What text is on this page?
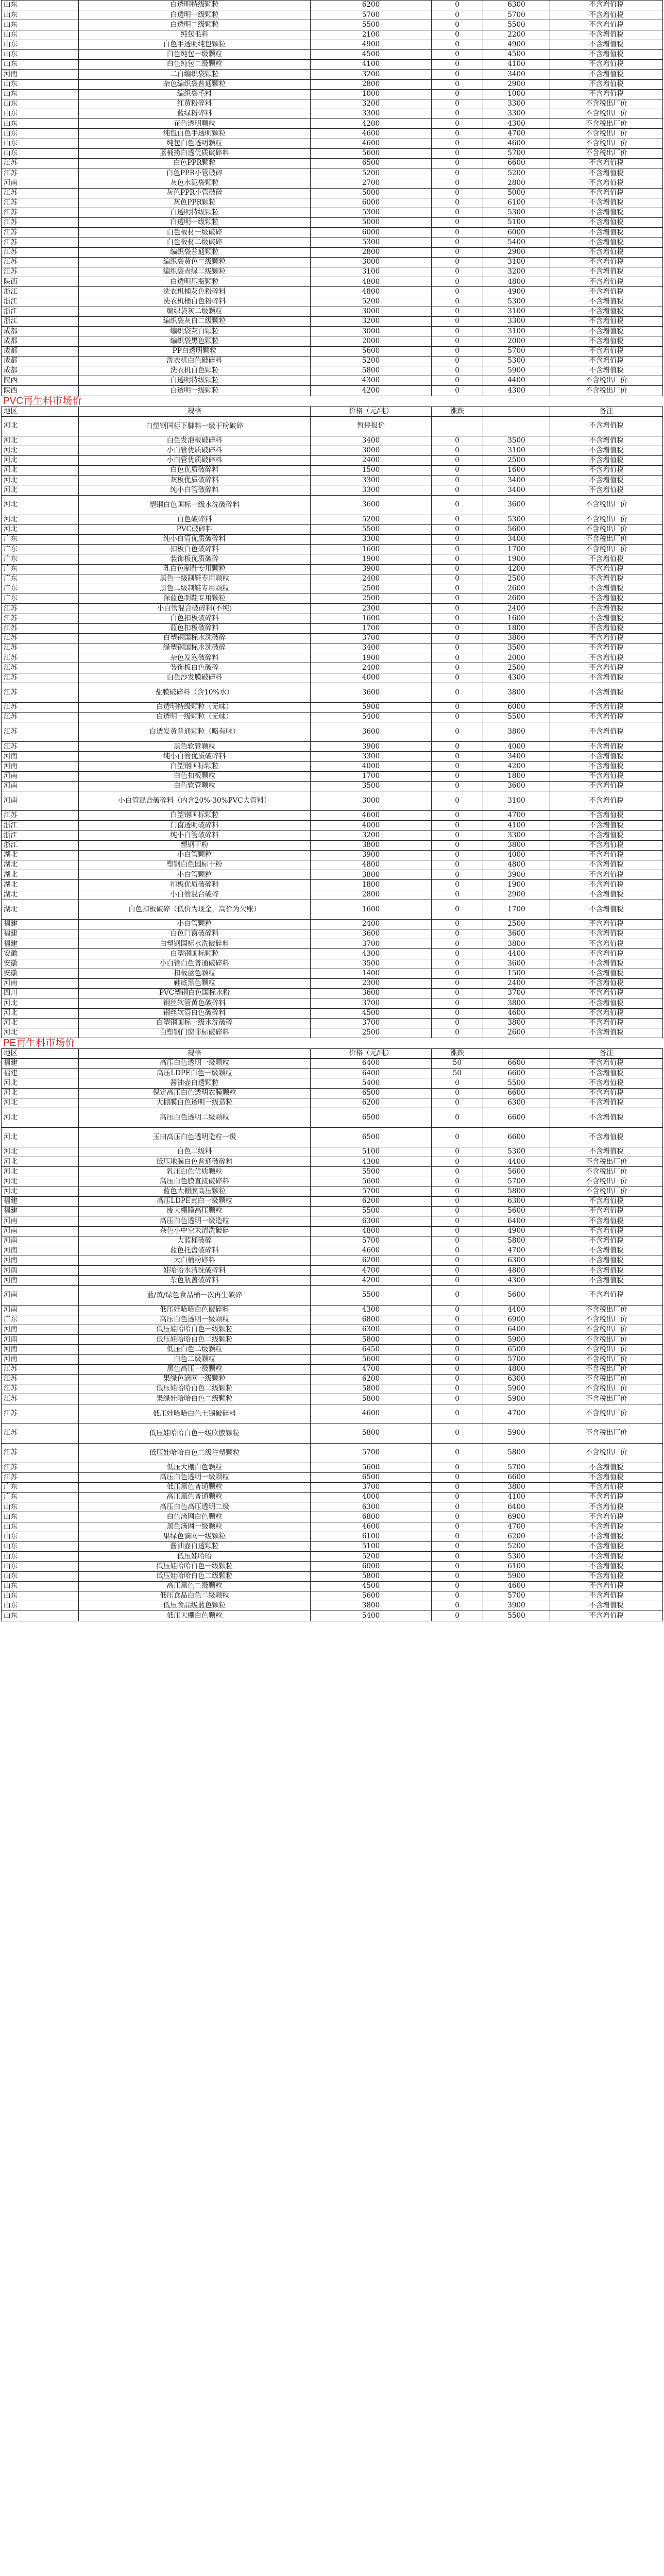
山东	白透明特级颗粒	6200	0	6300	不含增值税
山东	白透明一级颗粒	5700	0	5700	不含增值税
山东	白透明二级颗粒	5500	0	5500	不含增值税
山东	纯包毛料	2100	0	2200	不含增值税
山东	白色手透明纯包颗粒	4900	0	4900	不含增值税
山东	白色纯包一级颗粒	4500	0	4500	不含增值税
山东	白色纯包二级颗粒	4100	0	4100	不含增值税
河南	二白编织袋颗粒	3200	0	3400	不含增值税
山东	杂色编织袋普通颗粒	2800	0	2900	不含增值税
山东	编织袋毛料	1000	0	1000	不含增值税
山东	红黄粉碎料	3200	0	3300	不含税出厂价
山东	蓝绿粉碎料	3300	0	3300	不含税出厂价
山东	花色透明颗粒	4200	0	4300	不含税出厂价
山东	纯包白色手透明颗粒	4600	0	4700	不含税出厂价
山东	纯包白色透明颗粒	4600	0	4600	不含税出厂价
山东	蓝桶捞白透优质破碎料	5600	0	5700	不含税出厂价
江苏	白色PPR颗粒	6500	0	6600	不含增值税
江苏	白色PPR小管破碎	5200	0	5200	不含增值税
河南	灰色水泥袋颗粒	2700	0	2800	不含增值税
江苏	灰色PPR小管破碎	5000	0	5000	不含增值税
江苏	灰色PPR颗粒	6000	0	6100	不含增值税
江苏	白透明特级颗粒	5300	0	5300	不含增值税
江苏	白透明一级颗粒	5000	0	5100	不含增值税
江苏	白色板材一级破碎	6000	0	6000	不含增值税
江苏	白色板材二级破碎	5300	0	5400	不含增值税
江苏	编织袋普通颗粒	2800	0	2900	不含增值税
江苏	编织袋黄色二级颗粒	3000	0	3100	不含增值税
江苏	编织袋青绿二级颗粒	3100	0	3200	不含增值税
陕西	白透明压瓶颗粒	4800	0	4800	不含增值税
浙江	洗衣机桶灰色粉碎料	4800	0	4900	不含增值税
浙江	洗衣机桶白色粉碎料	5200	0	5300	不含增值税
浙江	编织袋灰二级颗粒	3000	0	3100	不含增值税
浙江	编织袋灰白二级颗粒	3200	0	3300	不含增值税
成都	编织袋灰白颗粒	3000	0	3100	不含增值税
成都	编织袋黑色颗粒	2000	0	2000	不含增值税
成都	PP白透明颗粒	5600	0	5700	不含增值税
成都	洗衣机白色破碎料	5200	0	5300	不含增值税
成都	洗衣机白色颗粒	5800	0	5900	不含增值税
陕西	白透明特级颗粒	4300	0	4400	不含税出厂价
陕西	白透明一级颗粒	4200	0	4300	不含税出厂价
PVC再生料市场价
地区	规格	价格（元/吨）	涨跌		备注
河北	白塑钢国标下脚料一级干粉破碎	暂停报价			不含增值税
河北	白色发泡板破碎料	3400	0	3500	不含增值税
河北	小白管优质破碎料	3000	0	3100	不含增值税
河北	小白管优质破碎料	2400	0	2500	不含增值税
河北	白色优质破碎料	1500	0	1600	不含增值税
河北	灰板优质破碎料	3300	0	3400	不含增值税
河北	纯小白管破碎料	3300	0	3400	不含增值税
河北	塑钢白色国标一级水洗破碎料	3600	0	3600	不含税出厂价
河北	白色破碎料	5200	0	5300	不含税出厂价
河北	PVC破碎料	5500	0	5600	不含税出厂价
广东	纯小白管优质破碎料	3300	0	3400	不含税出厂价
广东	扣板白色破碎料	1600	0	1700	不含税出厂价
广东	装饰板优质破碎	1900	0	1900	不含增值税
广东	乳白色制鞋专用颗粒	3900	0	4200	不含增值税
广东	黑色一级制鞋专用颗粒	2400	0	2500	不含增值税
广东	黑色二级制鞋专用颗粒	2500	0	2600	不含增值税
广东	深蓝色制鞋专用颗粒	2500	0	2600	不含增值税
江苏	小白管混合破碎料(不纯)	2300	0	2400	不含增值税
江苏	白色扣板破碎料	1600	0	1600	不含增值税
江苏	蓝色扣板破碎料	1700	0	1800	不含增值税
江苏	白塑钢国标水洗破碎	3700	0	3800	不含增值税
江苏	绿塑钢国标水洗破碎	3400	0	3500	不含增值税
江苏	杂色发泡破碎料	1900	0	2000	不含增值税
江苏	装饰板白色破碎	2400	0	2500	不含增值税
江苏	白色沙发膜破碎料	4000	0	4300	不含增值税
江苏	盐膜破碎料（含10%水）	3600	0	3800	不含增值税
江苏	白透明特级颗粒（无味）	5900	0	6000	不含增值税
江苏	白透明一级颗粒（无味）	5400	0	5500	不含增值税
江苏	白透发黄普通颗粒（略有味）	3600	0	3800	不含增值税
江苏	黑色软管颗粒	3900	0	4000	不含增值税
河南	纯小白管优质破碎料	3300	0	3400	不含增值税
河南	白塑钢国标颗粒	4000	0	4200	不含增值税
河南	白色扣板颗粒	1700	0	1800	不含增值税
河南	白色软管颗粒	3500	0	3600	不含增值税
河南	小白管混合破碎料（内含20%-30%PVC大管料）	3000	0	3100	不含增值税
江苏	白塑钢国标颗粒	4600	0	4700	不含增值税
浙江	门窗透明破碎料	4000	0	4100	不含增值税
浙江	纯小白管破碎料	3200	0	3300	不含增值税
浙江	塑钢干粉	3800	0	3800	不含增值税
湖北	小白管颗粒	3900	0	4000	不含增值税
湖北	塑钢白色国标干粉	4800	0	4800	不含增值税
湖北	小白管颗粒	3800	0	3900	不含增值税
湖北	扣板优质破碎料	1800	0	1900	不含增值税
湖北	小白管混合破碎	2800	0	2900	不含增值税
湖北	白色扣板破碎（低价为现金，高价为欠账）	1600	0	1700	不含增值税
福建	小白管颗粒	2400	0	2500	不含增值税
福建	白色门窗破碎料	3600	0	3600	不含增值税
福建	白塑钢国标水洗破碎料	3700	0	3800	不含增值税
安徽	白塑钢国标颗粒	4300	0	4400	不含增值税
安徽	小白管白色普通破碎料	3500	0	3600	不含增值税
安徽	扣板蓝色颗粒	1400	0	1500	不含增值税
河南	鞋底黑色颗粒	2300	0	2400	不含增值税
四川	PVC塑钢白色国标水粉	3600	0	3700	不含增值税
河北	钢丝软管黄色破碎料	3700	0	3800	不含增值税
河北	钢丝软管白色破碎料	4500	0	4600	不含增值税
河北	白塑钢国标一级水洗破碎	3700	0	3800	不含增值税
河北	白塑钢门窗非标破碎料	2500	0	2600	不含增值税
PE再生料市场价
地区	规格	价格（元/吨）	涨跌		备注
福建	高压白色透明一级颗粒	6400	50	6600	不含增值税
福建	高压LDPE白色一级颗粒	6400	50	6600	不含增值税
河北	酱油壶白透颗粒	5400	0	5500	不含增值税
河北	保定高压白色透明农膜颗粒	6500	0	6600	不含增值税
河北	大棚膜白色透明一级造粒	6200	0	6300	不含增值税
河北	高压白色透明二级颗粒	6500	0	6600	不含增值税
河北	玉田高压白色透明造粒一级	6500	0	6600	不含增值税
河北	白色二级料	5100	0	5300	不含增值税
河北	低压地膜白色普通破碎料	4300	0	4400	不含税出厂价
河北	乳压白色优质颗粒	5500	0	5600	不含税出厂价
河北	高压白色膜直接破碎料	5600	0	5700	不含税出厂价
河北	蓝色大棚膜高压颗粒	5700	0	5800	不含税出厂价
福建	高压LDPE黄白一级颗粒	6200	0	6300	不含增值税
福建	废大棚膜高压颗粒	5500	0	5600	不含增值税
河南	高压白色透明一级造粒	6300	0	6400	不含增值税
河南	杂色小中空未清洗破碎	4800	0	4900	不含增值税
河南	大蓝桶破碎	5700	0	5800	不含增值税
河南	蓝色托盘破碎料	4600	0	4700	不含增值税
河南	大白桶粉碎料	6200	0	6300	不含增值税
河南	娃哈哈水清洗破碎料	4700	0	4800	不含增值税
河南	杂色瓶盖破碎料	4200	0	4300	不含增值税
河南	蓝/黄/绿色食品桶一次再生破碎	5500	0	5600	不含增值税
河南	低压娃哈哈白色破碎料	4300	0	4400	不含税出厂价
广东	高压白色透明一级颗粒	6800	0	6900	不含税出厂价
河南	低压娃哈哈白色一级颗粒	6300	0	6400	不含税出厂价
河南	低压娃哈哈白色二级颗粒	5800	0	5900	不含税出厂价
河南	低压白色二级颗粒	6450	0	6500	不含税出厂价
河南	白色二级颗粒	5600	0	5700	不含税出厂价
江苏	黑色高压一级颗粒	4700	0	4800	不含税出厂价
江苏	果绿色滴网一级颗粒	6200	0	6300	不含税出厂价
江苏	低压娃哈哈白色二级颗粒	5800	0	5900	不含税出厂价
江苏	果绿娃哈哈白色二级颗粒	5800	0	5900	不含税出厂价
江苏	低压娃哈哈白色土锡破碎料	4600	0	4700	不含税出厂价
江苏	低压娃哈哈白色一级吹膜颗粒	5800	0	5900	不含税出厂价
江苏	低压娃哈哈白色二级注塑颗粒	5700	0	5800	不含税出厂价
江苏	低压大棚白色颗粒	5600	0	5700	不含增值税
江苏	高压白色透明一级颗粒	6500	0	6600	不含增值税
广东	低压黑色普通颗粒	3700	0	3800	不含增值税
广东	高压黑色普通颗粒	4000	0	4100	不含增值税
山东	高压白色高压透明二级	6300	0	6400	不含增值税
山东	白色滴网白色颗粒	6800	0	6900	不含增值税
山东	黑色滴网一级颗粒	4600	0	4700	不含增值税
山东	果绿色滴网一级颗粒	6100	0	6200	不含增值税
山东	酱油壶白透颗粒	5100	0	5200	不含增值税
山东	低压娃哈哈	5200	0	5300	不含增值税
山东	低压娃哈哈白色一级颗粒	6000	0	6100	不含增值税
山东	低压娃哈哈白色二级颗粒	5800	0	5900	不含增值税
山东	高压黑色二级颗粒	4500	0	4600	不含增值税
山东	低压食品白色二级颗粒	5600	0	5700	不含增值税
山东	低压食品级蓝色颗粒	3800	0	3900	不含增值税
山东	低压大棚白色颗粒	5400	0	5500	不含增值税
